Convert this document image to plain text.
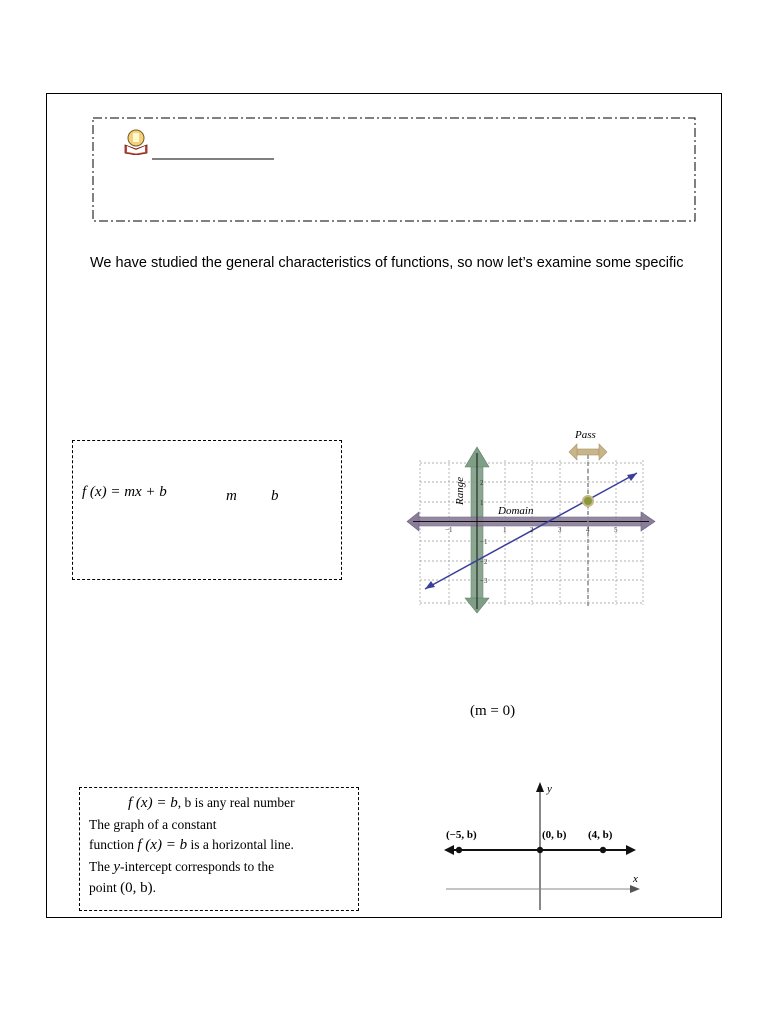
We have studied the general characteristics of functions, so now let’s examine some specific
f (x) = mx + b	m b
Pass
Domain
Range
−1	1	2	3	4	5
2
1
−1
−2
−3
(m = 0)
f (x) = b, b is any real number
The graph of a constant
function f (x) = b is a horizontal line.
The y-intercept corresponds to the
point (0, b).
(−5, b)	(0, b) (4, b)
y
x
